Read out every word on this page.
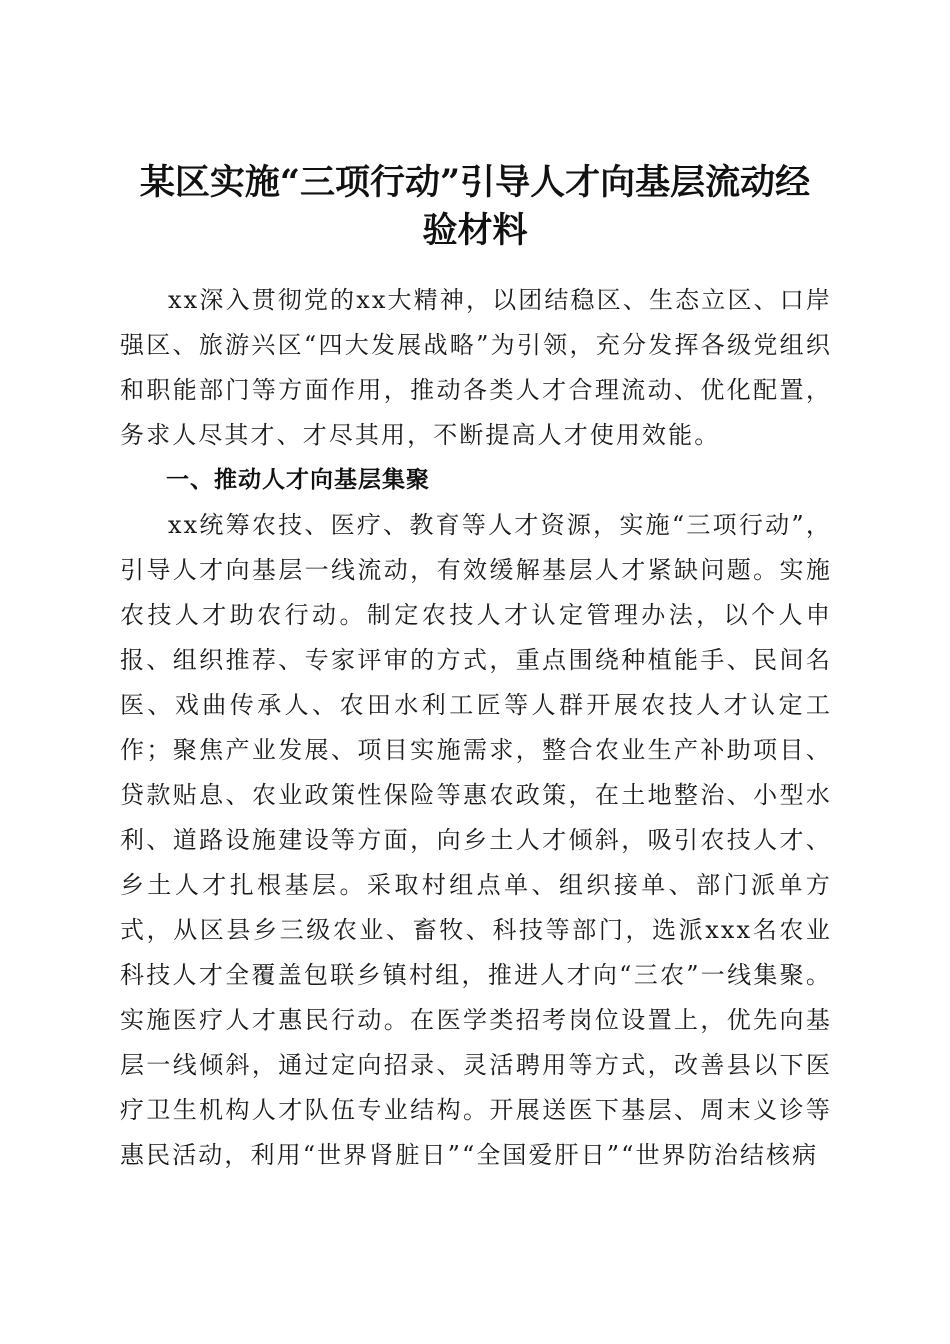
某区实施“三项行动”引导人才向基层流动经
验材料

xx深入贯彻党的xx大精神，以团结稳区、生态立区、口岸强区、旅游兴区“四大发展战略”为引领，充分发挥各级党组织和职能部门等方面作用，推动各类人才合理流动、优化配置，务求人尽其才、才尽其用，不断提高人才使用效能。

一、推动人才向基层集聚

xx统筹农技、医疗、教育等人才资源，实施“三项行动”，引导人才向基层一线流动，有效缓解基层人才紧缺问题。实施农技人才助农行动。制定农技人才认定管理办法，以个人申报、组织推荐、专家评审的方式，重点围绕种植能手、民间名医、戏曲传承人、农田水利工匠等人群开展农技人才认定工作；聚焦产业发展、项目实施需求，整合农业生产补助项目、贷款贴息、农业政策性保险等惠农政策，在土地整治、小型水利、道路设施建设等方面，向乡土人才倾斜，吸引农技人才、乡土人才扎根基层。采取村组点单、组织接单、部门派单方式，从区县乡三级农业、畜牧、科技等部门，选派xxx名农业科技人才全覆盖包联乡镇村组，推进人才向“三农”一线集聚。实施医疗人才惠民行动。在医学类招考岗位设置上，优先向基层一线倾斜，通过定向招录、灵活聘用等方式，改善县以下医疗卫生机构人才队伍专业结构。开展送医下基层、周末义诊等惠民活动，利用“世界肾脏日”“全国爱肝日”“世界防治结核病
